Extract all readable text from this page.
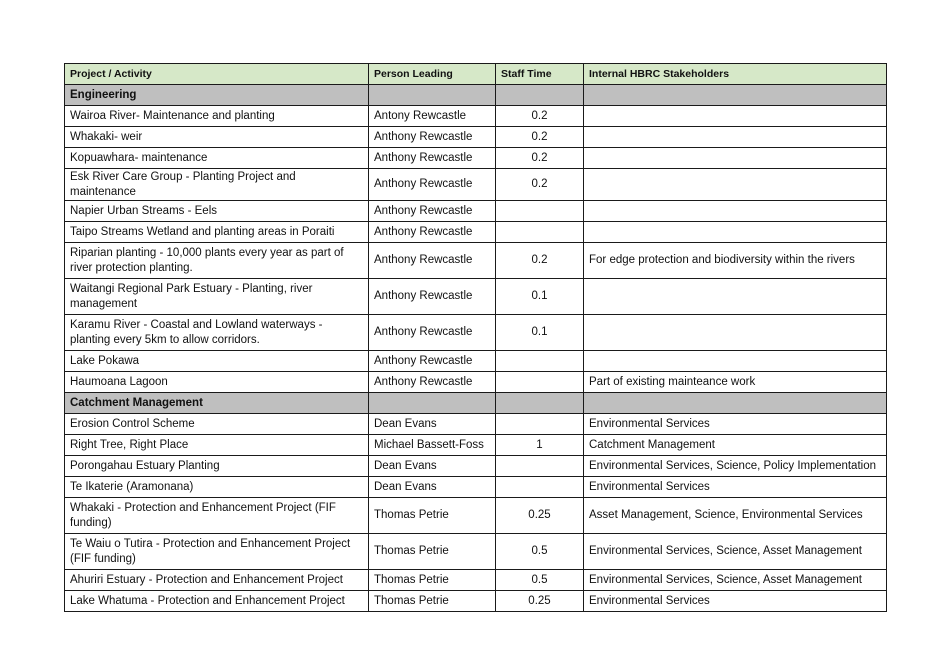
Project / Activity	Person Leading	Staff Time	Internal HBRC Stakeholders
Engineering			
Wairoa River- Maintenance and planting	Antony Rewcastle	0.2	
Whakaki- weir	Anthony Rewcastle	0.2	
Kopuawhara- maintenance	Anthony Rewcastle	0.2	
Esk River Care Group - Planting Project and maintenance	Anthony Rewcastle	0.2	
Napier Urban Streams - Eels	Anthony Rewcastle		
Taipo Streams Wetland and planting areas in Poraiti	Anthony Rewcastle		
Riparian planting - 10,000 plants every year as part of river protection planting.	Anthony Rewcastle	0.2	For edge protection and biodiversity within the rivers
Waitangi Regional Park Estuary - Planting, river management	Anthony Rewcastle	0.1	
Karamu River - Coastal and Lowland waterways - planting every 5km to allow corridors.	Anthony Rewcastle	0.1	
Lake Pokawa	Anthony Rewcastle		
Haumoana Lagoon	Anthony Rewcastle		Part of existing mainteance work
Catchment Management			
Erosion Control Scheme	Dean Evans		Environmental Services
Right Tree, Right Place	Michael Bassett-Foss	1	Catchment Management
Porongahau Estuary Planting	Dean Evans		Environmental Services, Science, Policy Implementation
Te Ikaterie (Aramonana)	Dean Evans		Environmental Services
Whakaki - Protection and Enhancement Project (FIF funding)	Thomas Petrie	0.25	Asset Management, Science, Environmental Services
Te Waiu o Tutira - Protection and Enhancement Project (FIF funding)	Thomas Petrie	0.5	Environmental Services, Science, Asset Management
Ahuriri Estuary - Protection and Enhancement Project	Thomas Petrie	0.5	Environmental Services, Science, Asset Management
Lake Whatuma - Protection and Enhancement Project	Thomas Petrie	0.25	Environmental Services
